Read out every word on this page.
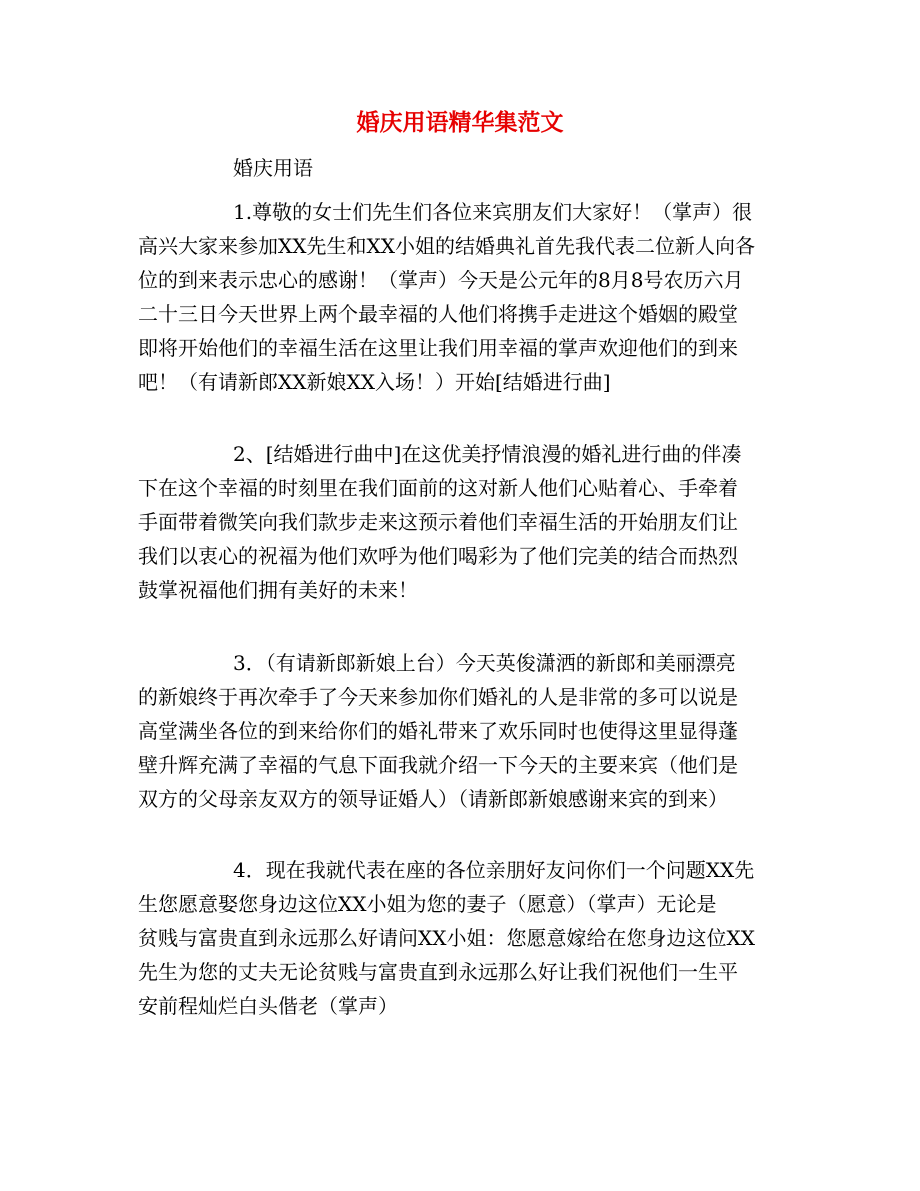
婚庆用语精华集范文

婚庆用语

1.尊敬的女士们先生们各位来宾朋友们大家好！（掌声）很
高兴大家来参加XX先生和XX小姐的结婚典礼首先我代表二位新人向各
位的到来表示忠心的感谢！（掌声）今天是公元年的8月8号农历六月
二十三日今天世界上两个最幸福的人他们将携手走进这个婚姻的殿堂
即将开始他们的幸福生活在这里让我们用幸福的掌声欢迎他们的到来
吧！（有请新郎XX新娘XX入场！）开始[结婚进行曲]

2、[结婚进行曲中]在这优美抒情浪漫的婚礼进行曲的伴凑
下在这个幸福的时刻里在我们面前的这对新人他们心贴着心、手牵着
手面带着微笑向我们款步走来这预示着他们幸福生活的开始朋友们让
我们以衷心的祝福为他们欢呼为他们喝彩为了他们完美的结合而热烈
鼓掌祝福他们拥有美好的未来！

3．（有请新郎新娘上台）今天英俊潇洒的新郎和美丽漂亮
的新娘终于再次牵手了今天来参加你们婚礼的人是非常的多可以说是
高堂满坐各位的到来给你们的婚礼带来了欢乐同时也使得这里显得蓬
壁升辉充满了幸福的气息下面我就介绍一下今天的主要来宾（他们是
双方的父母亲友双方的领导证婚人）（请新郎新娘感谢来宾的到来）

4．现在我就代表在座的各位亲朋好友问你们一个问题XX先
生您愿意娶您身边这位XX小姐为您的妻子（愿意）（掌声）无论是
贫贱与富贵直到永远那么好请问XX小姐：您愿意嫁给在您身边这位XX
先生为您的丈夫无论贫贱与富贵直到永远那么好让我们祝他们一生平
安前程灿烂白头偕老（掌声）
